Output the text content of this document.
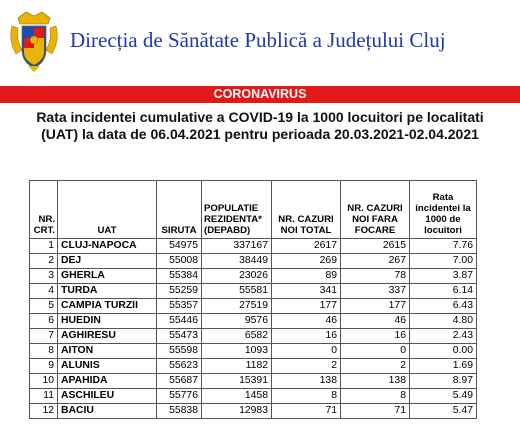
Direcția de Sănătate Publică a Județului Cluj
CORONAVIRUS
Rata incidentei cumulative a COVID-19 la 1000 locuitori pe localitati (UAT) la data de 06.04.2021 pentru perioada 20.03.2021-02.04.2021
NR. CRT.	UAT	SIRUTA	POPULATIE REZIDENTA* (DEPABD)	NR. CAZURI NOI TOTAL	NR. CAZURI NOI FARA FOCARE	Rata incidentei la 1000 de locuitori
1	CLUJ-NAPOCA	54975	337167	2617	2615	7.76
2	DEJ	55008	38449	269	267	7.00
3	GHERLA	55384	23026	89	78	3.87
4	TURDA	55259	55581	341	337	6.14
5	CAMPIA TURZII	55357	27519	177	177	6.43
6	HUEDIN	55446	9576	46	46	4.80
7	AGHIRESU	55473	6582	16	16	2.43
8	AITON	55598	1093	0	0	0.00
9	ALUNIS	55623	1182	2	2	1.69
10	APAHIDA	55687	15391	138	138	8.97
11	ASCHILEU	55776	1458	8	8	5.49
12	BACIU	55838	12983	71	71	5.47
